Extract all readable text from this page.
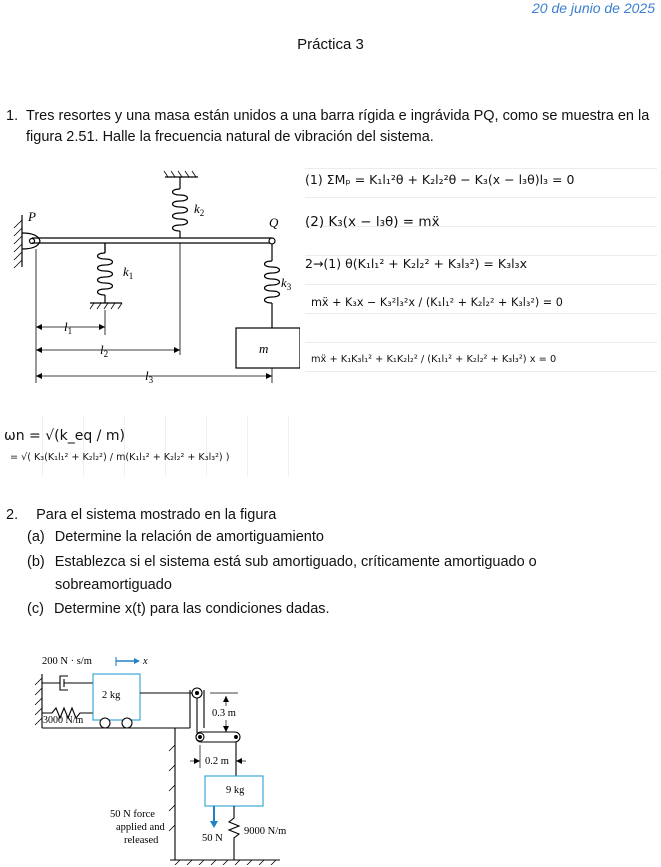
20 de junio de 2025
Práctica 3
1. Tres resortes y una masa están unidos a una barra rígida e ingrávida PQ, como se muestra en la figura 2.51. Halle la frecuencia natural de vibración del sistema.
P	Q
$k_2$
$k_1$	$k_3$
m
$l_1$
$l_2$
$l_3$
(1) ΣMₚ = K₁l₁²θ + K₂l₂²θ − K₃(x − l₃θ)l₃ = 0
(2) K₃(x − l₃θ) = mẍ
2→(1) θ(K₁l₁² + K₂l₂² + K₃l₃²) = K₃l₃x
mẍ + K₃x − K₃²l₃²x / (K₁l₁² + K₂l₂² + K₃l₃²) = 0
mẍ + K₁K₃l₁² + K₁K₂l₂² / (K₁l₁² + K₂l₂² + K₃l₃²) x = 0
ωn = √(k_eq / m)
= √( K₃(K₁l₁² + K₂l₂²) / m(K₁l₁² + K₂l₂² + K₃l₃²) )
2. Para el sistema mostrado en la figura
(a) Determine la relación de amortiguamiento
(b) Establezca si el sistema está sub amortiguado, críticamente amortiguado o
sobreamortiguado
(c) Determine x(t) para las condiciones dadas.
200 N · s/m	x
2 kg
3000 N/m
0.3 m
0.2 m
9 kg
9000 N/m
50 N force
applied and
released	50 N
